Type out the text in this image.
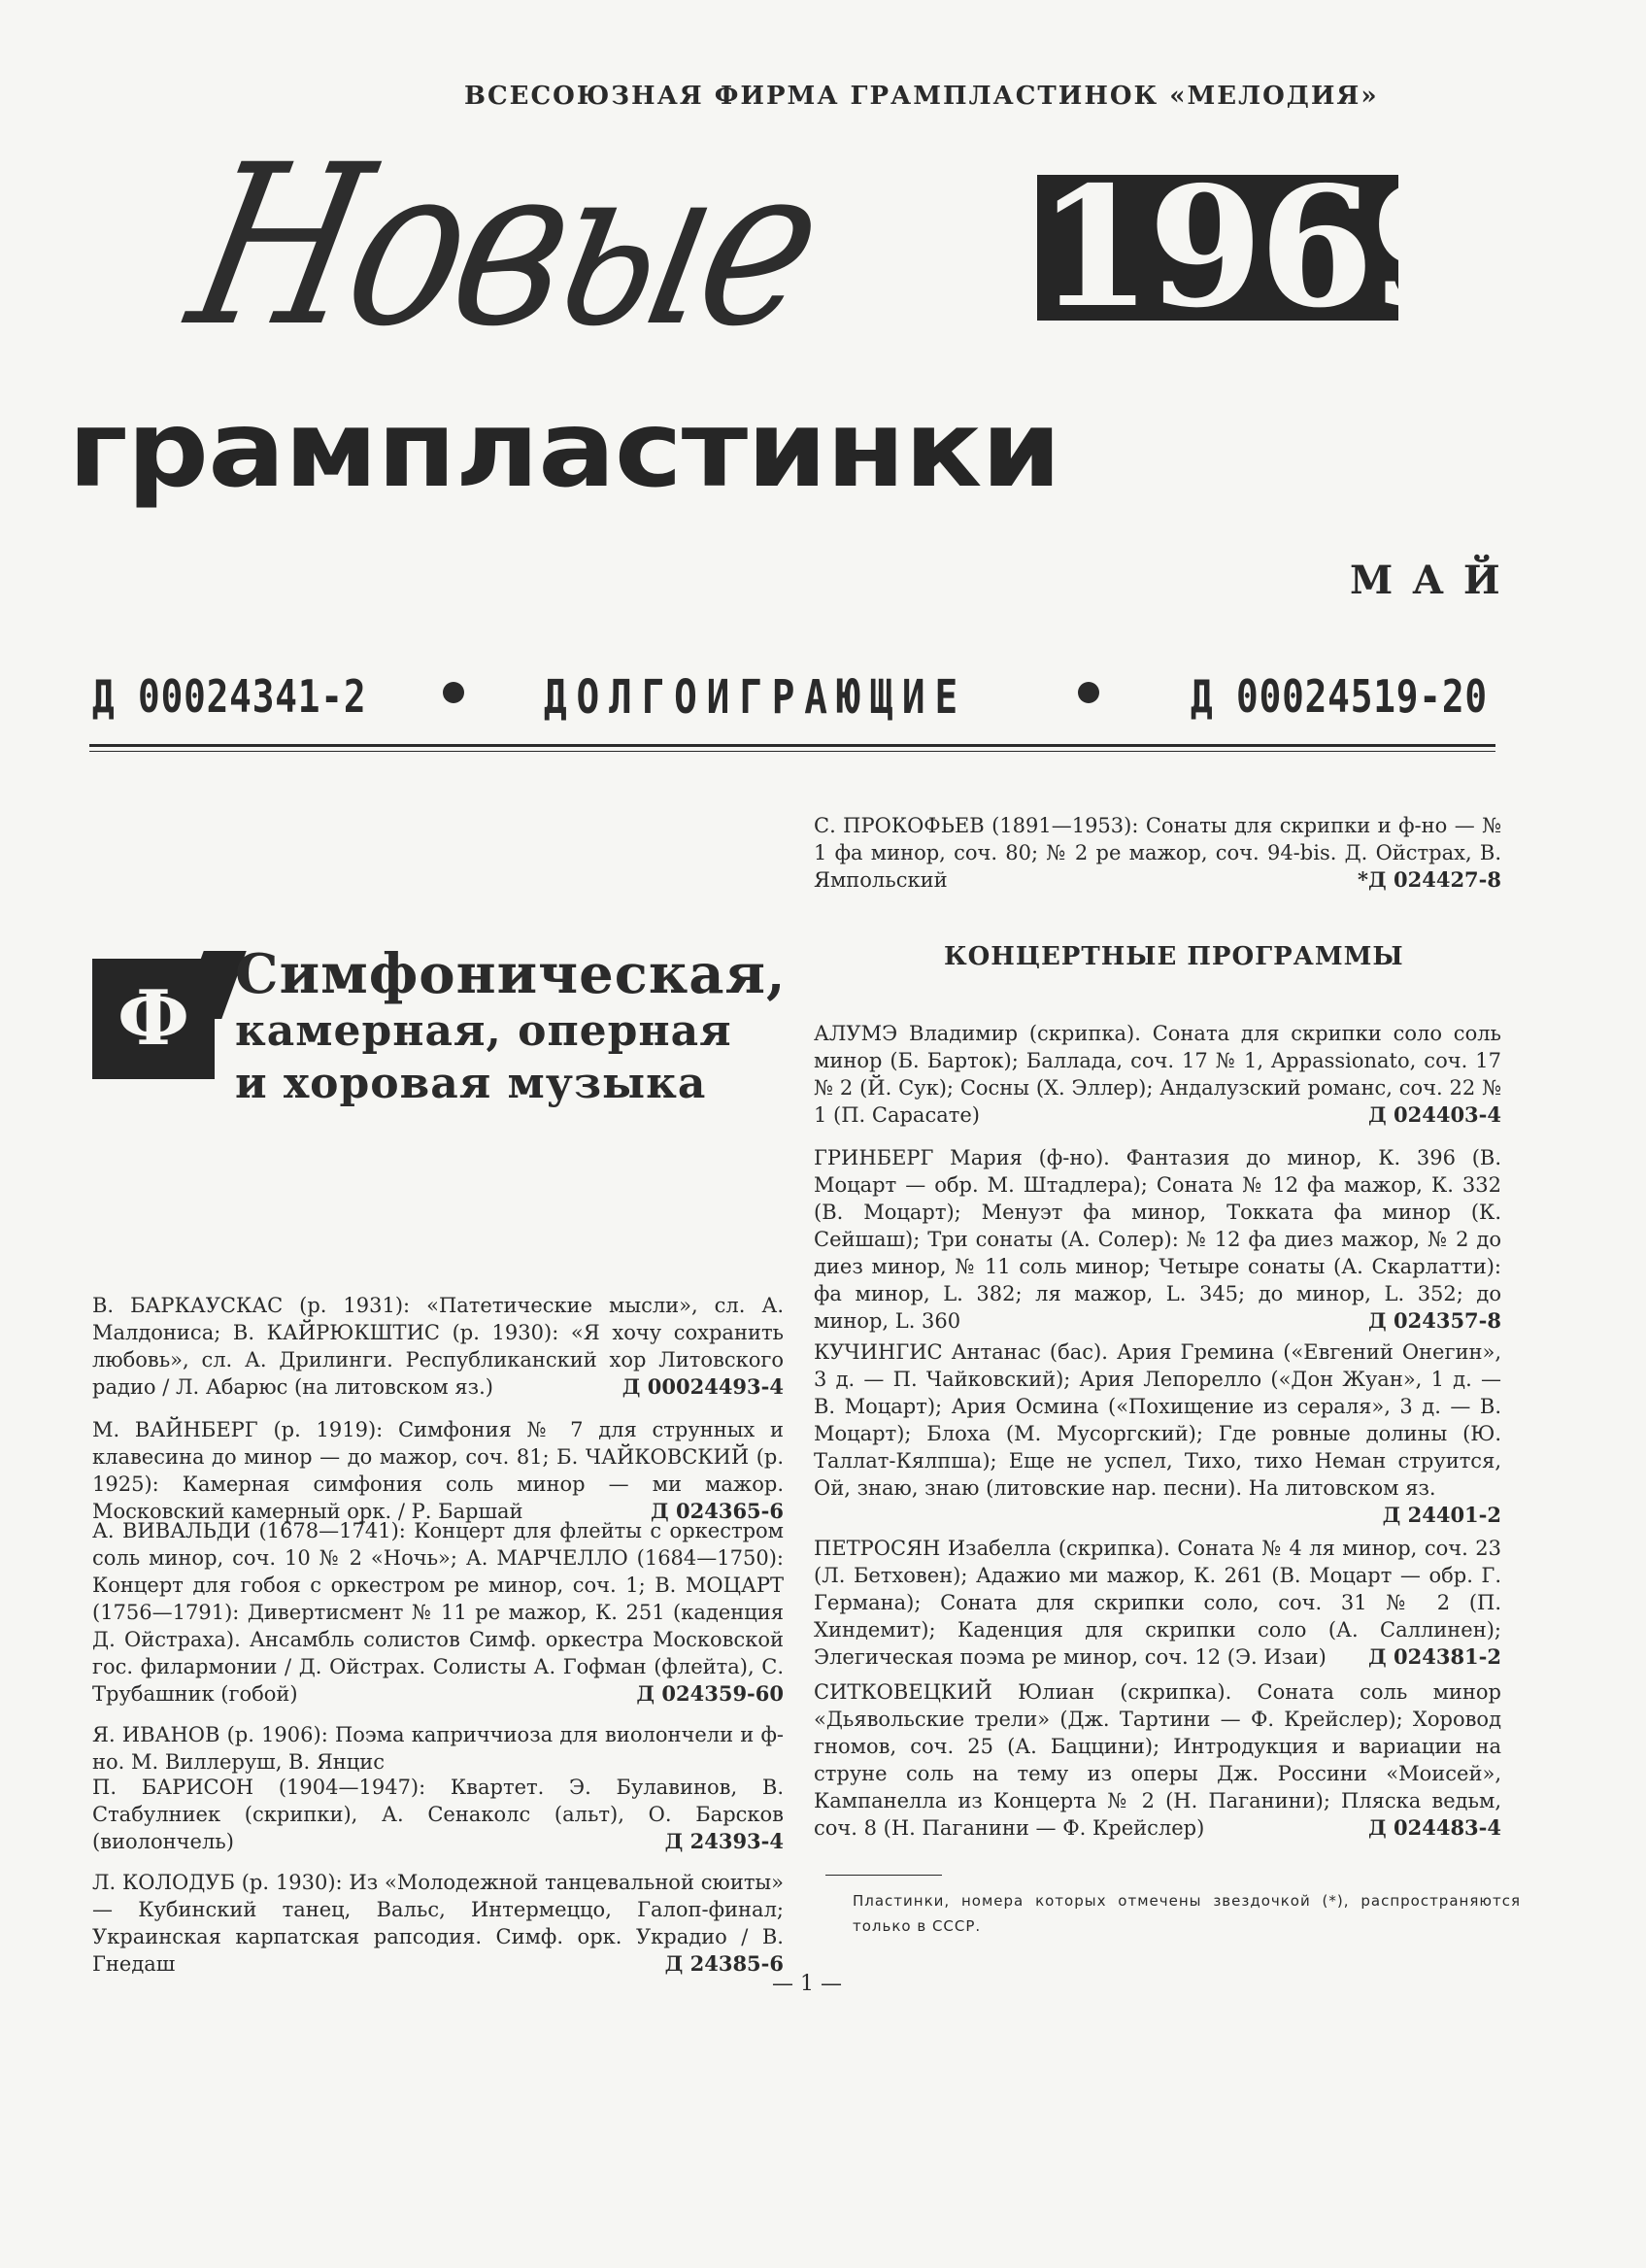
ВСЕСОЮЗНАЯ ФИРМА ГРАМПЛАСТИНОК «МЕЛОДИЯ»
Новые 1969
грампластинки
МАЙ
Д 00024341-2	ДОЛГОИГРАЮЩИЕ	Д 00024519-20
Ф Симфоническая,
камерная, оперная
и хоровая музыка

В. БАРКАУСКАС (р. 1931): «Патетические мысли», сл. А. Малдониса; В. КАЙРЮКШТИС (р. 1930): «Я хочу сохранить любовь», сл. А. Дрилинги. Республиканский хор Литовского радио / Л. Абарюс (на литовском яз.)	Д 00024493-4

М. ВАЙНБЕРГ (р. 1919): Симфония № 7 для струнных и клавесина до минор — до мажор, соч. 81; Б. ЧАЙКОВСКИЙ (р. 1925): Камерная симфония соль минор — ми мажор. Московский камерный орк. / Р. Баршай	Д 024365-6

А. ВИВАЛЬДИ (1678—1741): Концерт для флейты с оркестром соль минор, соч. 10 № 2 «Ночь»; А. МАРЧЕЛЛО (1684—1750): Концерт для гобоя с оркестром ре минор, соч. 1; В. МОЦАРТ (1756—1791): Дивертисмент № 11 ре мажор, К. 251 (каденция Д. Ойстраха). Ансамбль солистов Симф. оркестра Московской гос. филармонии / Д. Ойстрах. Солисты А. Гофман (флейта), С. Трубашник (гобой)	Д 024359-60

Я. ИВАНОВ (р. 1906): Поэма каприччиоза для виолончели и ф-но. М. Виллеруш, В. Янцис

П. БАРИСОН (1904—1947): Квартет. Э. Булавинов, В. Стабулниек (скрипки), А. Сенаколс (альт), О. Барсков (виолончель)	Д 24393-4

Л. КОЛОДУБ (р. 1930): Из «Молодежной танцевальной сюиты» — Кубинский танец, Вальс, Интермеццо, Галоп-финал; Украинская карпатская рапсодия. Симф. орк. Украдио / В. Гнедаш	Д 24385-6

С. ПРОКОФЬЕВ (1891—1953): Сонаты для скрипки и ф-но — № 1 фа минор, соч. 80; № 2 ре мажор, соч. 94-bis. Д. Ойстрах, В. Ямпольский	*Д 024427-8

КОНЦЕРТНЫЕ ПРОГРАММЫ

АЛУМЭ Владимир (скрипка). Соната для скрипки соло соль минор (Б. Барток); Баллада, соч. 17 № 1, Appassionato, соч. 17 № 2 (Й. Сук); Сосны (Х. Эллер); Андалузский романс, соч. 22 № 1 (П. Сарасате)	Д 024403-4

ГРИНБЕРГ Мария (ф-но). Фантазия до минор, К. 396 (В. Моцарт — обр. М. Штадлера); Соната № 12 фа мажор, К. 332 (В. Моцарт); Менуэт фа минор, Токката фа минор (К. Сейшаш); Три сонаты (А. Солер): № 12 фа диез мажор, № 2 до диез минор, № 11 соль минор; Четыре сонаты (А. Скарлатти): фа минор, L. 382; ля мажор, L. 345; до минор, L. 352; до минор, L. 360	Д 024357-8

КУЧИНГИС Антанас (бас). Ария Гремина («Евгений Онегин», 3 д. — П. Чайковский); Ария Лепорелло («Дон Жуан», 1 д. — В. Моцарт); Ария Осмина («Похищение из сераля», 3 д. — В. Моцарт); Блоха (М. Мусоргский); Где ровные долины (Ю. Таллат-Кялпша); Еще не успел, Тихо, тихо Неман струится, Ой, знаю, знаю (литовские нар. песни). На литовском яз.
Д 24401-2

ПЕТРОСЯН Изабелла (скрипка). Соната № 4 ля минор, соч. 23 (Л. Бетховен); Адажио ми мажор, К. 261 (В. Моцарт — обр. Г. Германа); Соната для скрипки соло, соч. 31 № 2 (П. Хиндемит); Каденция для скрипки соло (А. Саллинен); Элегическая поэма ре минор, соч. 12 (Э. Изаи) Д 024381-2

СИТКОВЕЦКИЙ Юлиан (скрипка). Соната соль минор «Дьявольские трели» (Дж. Тартини — Ф. Крейслер); Хоровод гномов, соч. 25 (А. Баццини); Интродукция и вариации на струне соль на тему из оперы Дж. Россини «Моисей», Кампанелла из Концерта № 2 (Н. Паганини); Пляска ведьм, соч. 8 (Н. Паганини — Ф. Крейслер)	Д 024483-4

Пластинки, номера которых отмечены звездочкой (*), распространяются только в СССР.
— 1 —
